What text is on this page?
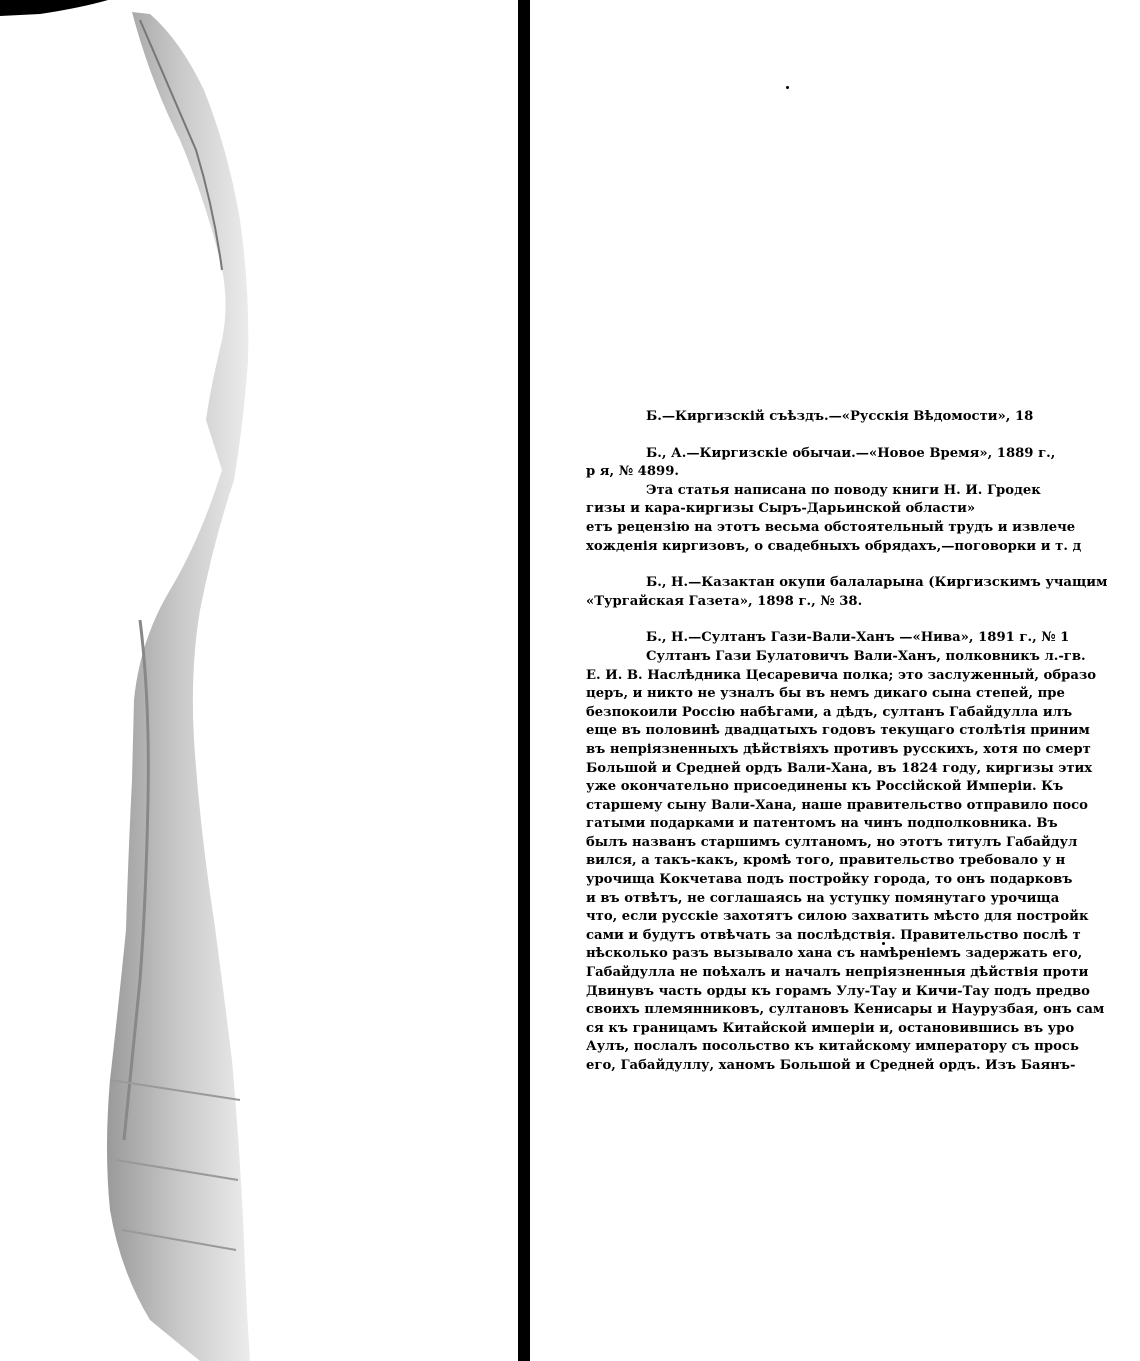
Б.—Киргизскій съѣздъ.—«Русскія Вѣдомости», 18
Б., А.—Киргизскіе обычаи.—«Новое Время», 1889 г.,
р я, № 4899.
Эта статья написана по поводу книги Н. И. Гродек
гизы и кара-киргизы Сыръ-Дарьинской области»
етъ рецензію на этотъ весьма обстоятельный трудъ и извлече
хожденія киргизовъ, о свадебныхъ обрядахъ,—поговорки и т. д
Б., Н.—Казактан окупи балаларына (Киргизскимъ учащим
«Тургайская Газета», 1898 г., № 38.
Б., Н.—Султанъ Гази-Вали-Ханъ —«Нива», 1891 г., № 1
Султанъ Гази Булатовичъ Вали-Ханъ, полковникъ л.-гв.
Е. И. В. Наслѣдника Цесаревича полка; это заслуженный, образо
церъ, и никто не узналъ бы въ немъ дикаго сына степей, пре
безпокоили Россію набѣгами, а дѣдъ, султанъ Габайдулла илъ
еще въ половинѣ двадцатыхъ годовъ текущаго столѣтія приним
въ непріязненныхъ дѣйствіяхъ противъ русскихъ, хотя по смерт
Большой и Средней ордъ Вали-Хана, въ 1824 году, киргизы этих
уже окончательно присоединены къ Россійской Имперіи. Къ
старшему сыну Вали-Хана, наше правительство отправило посо
гатыми подарками и патентомъ на чинъ подполковника. Въ
былъ названъ старшимъ султаномъ, но этотъ титулъ Габайдул
вился, а такъ-какъ, кромѣ того, правительство требовало у н
урочища Кокчетава подъ постройку города, то онъ подарковъ
и въ отвѣтъ, не соглашаясь на уступку помянутаго урочища
что, если русскіе захотятъ силою захватить мѣсто для постройк
сами и будутъ отвѣчать за послѣдствія. Правительство послѣ т
нѣсколько разъ вызывало хана съ намѣреніемъ задержать его,
Габайдулла не поѣхалъ и началъ непріязненныя дѣйствія проти
Двинувъ часть орды къ горамъ Улу-Тау и Кичи-Тау подъ предво
своихъ племянниковъ, султановъ Кенисары и Наурузбая, онъ сам
ся къ границамъ Китайской имперіи и, остановившись въ уро
Аулъ, послалъ посольство къ китайскому императору съ прось
его, Габайдуллу, ханомъ Большой и Средней ордъ. Изъ Баянъ-
